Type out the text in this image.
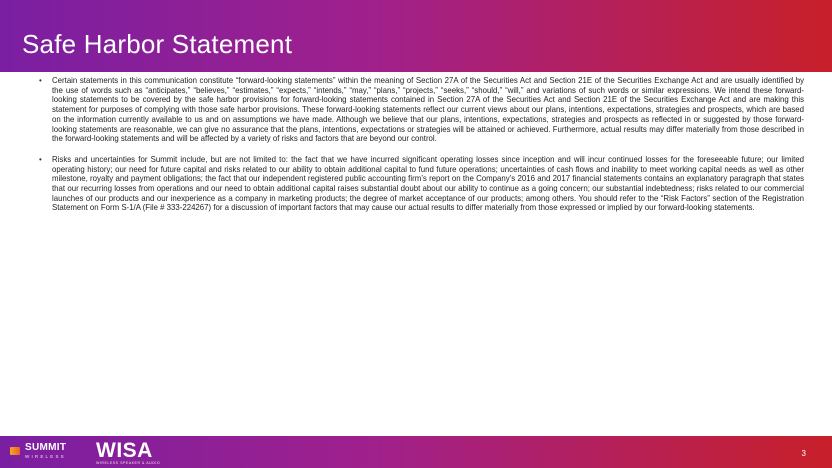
Safe Harbor Statement
• Certain statements in this communication constitute “forward-looking statements” within the meaning of Section 27A of the Securities Act and Section 21E of the Securities Exchange Act and are usually identified by the use of words such as “anticipates,” “believes,” “estimates,” “expects,” “intends,” “may,” “plans,” “projects,” “seeks,” “should,” “will,” and variations of such words or similar expressions. We intend these forward-looking statements to be covered by the safe harbor provisions for forward-looking statements contained in Section 27A of the Securities Act and Section 21E of the Securities Exchange Act and are making this statement for purposes of complying with those safe harbor provisions. These forward-looking statements reflect our current views about our plans, intentions, expectations, strategies and prospects, which are based on the information currently available to us and on assumptions we have made. Although we believe that our plans, intentions, expectations, strategies and prospects as reflected in or suggested by those forward-looking statements are reasonable, we can give no assurance that the plans, intentions, expectations or strategies will be attained or achieved. Furthermore, actual results may differ materially from those described in the forward-looking statements and will be affected by a variety of risks and factors that are beyond our control.
• Risks and uncertainties for Summit include, but are not limited to: the fact that we have incurred significant operating losses since inception and will incur continued losses for the foreseeable future; our limited operating history; our need for future capital and risks related to our ability to obtain additional capital to fund future operations; uncertainties of cash flows and inability to meet working capital needs as well as other milestone, royalty and payment obligations; the fact that our independent registered public accounting firm’s report on the Company’s 2016 and 2017 financial statements contains an explanatory paragraph that states that our recurring losses from operations and our need to obtain additional capital raises substantial doubt about our ability to continue as a going concern; our substantial indebtedness; risks related to our commercial launches of our products and our inexperience as a company in marketing products; the degree of market acceptance of our products; among others. You should refer to the “Risk Factors” section of the Registration Statement on Form S-1/A (File # 333-224267) for a discussion of important factors that may cause our actual results to differ materially from those expressed or implied by our forward-looking statements.
SUMMIT
WIRELESS WISA
WIRELESS SPEAKER & AUDIO
3
